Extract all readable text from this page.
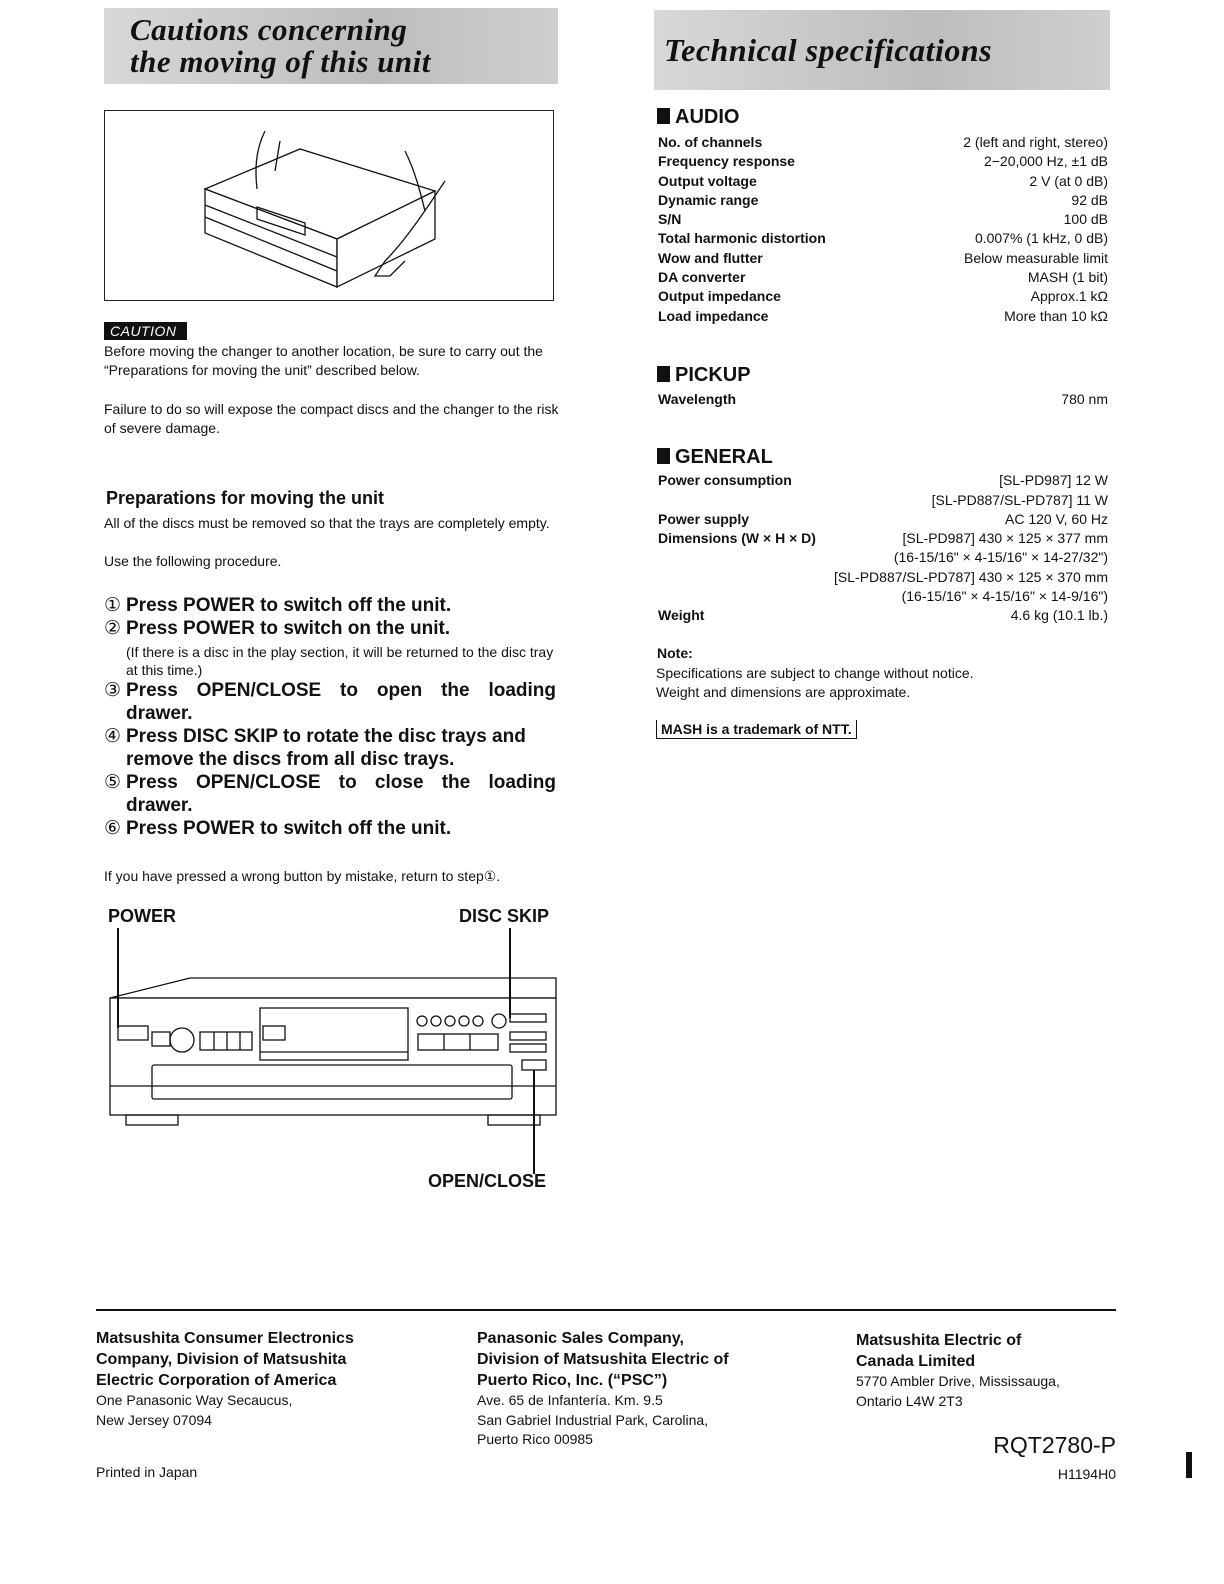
Cautions concerning
the moving of this unit
CAUTION
Before moving the changer to another location, be sure to carry out the “Preparations for moving the unit” described below.
Failure to do so will expose the compact discs and the changer to the risk of severe damage.
Preparations for moving the unit
All of the discs must be removed so that the trays are completely empty.
Use the following procedure.
① Press POWER to switch off the unit.
② Press POWER to switch on the unit.
(If there is a disc in the play section, it will be returned to the disc tray at this time.)
③ Press OPEN/CLOSE to open the loading
drawer.
④ Press DISC SKIP to rotate the disc trays and
remove the discs from all disc trays.
⑤ Press OPEN/CLOSE to close the loading
drawer.
⑥ Press POWER to switch off the unit.
If you have pressed a wrong button by mistake, return to step①.
POWER	DISC SKIP
OPEN/CLOSE
Technical specifications
AUDIO
No. of channels	2 (left and right, stereo)
Frequency response	2−20,000 Hz, ±1 dB
Output voltage	2 V (at 0 dB)
Dynamic range	92 dB
S/N	100 dB
Total harmonic distortion	0.007% (1 kHz, 0 dB)
Wow and flutter	Below measurable limit
DA converter	MASH (1 bit)
Output impedance	Approx.1 kΩ
Load impedance	More than 10 kΩ
PICKUP
Wavelength	780 nm
GENERAL
Power consumption	[SL-PD987] 12 W
[SL-PD887/SL-PD787] 11 W
Power supply	AC 120 V, 60 Hz
Dimensions (W × H × D)	[SL-PD987] 430 × 125 × 377 mm
(16-15/16" × 4-15/16" × 14-27/32")
[SL-PD887/SL-PD787] 430 × 125 × 370 mm
(16-15/16" × 4-15/16" × 14-9/16")
Weight	4.6 kg (10.1 lb.)
Note:
Specifications are subject to change without notice.
Weight and dimensions are approximate.
MASH is a trademark of NTT.
Matsushita Consumer Electronics
Company, Division of Matsushita
Electric Corporation of America
One Panasonic Way Secaucus,
New Jersey 07094
Panasonic Sales Company,
Division of Matsushita Electric of
Puerto Rico, Inc. (“PSC”)
Ave. 65 de Infantería. Km. 9.5
San Gabriel Industrial Park, Carolina,
Puerto Rico 00985
Matsushita Electric of
Canada Limited
5770 Ambler Drive, Mississauga,
Ontario L4W 2T3
Printed in Japan
RQT2780-P
H1194H0
